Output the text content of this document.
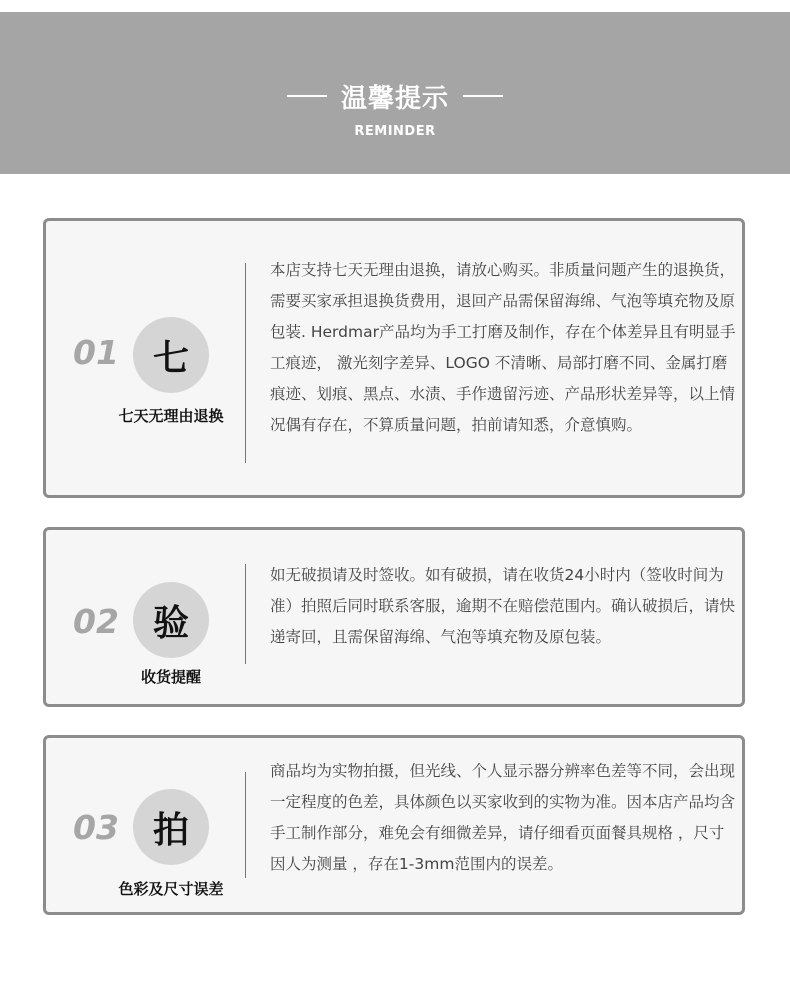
温馨提示
REMINDER
01 七
七天无理由退换

本店支持七天无理由退换，请放心购买。非质量问题产生的退换货，需要买家承担退换货费用，退回产品需保留海绵、气泡等填充物及原包装. Herdmar产品均为手工打磨及制作，存在个体差异且有明显手工痕迹， 激光刻字差异、LOGO 不清晰、局部打磨不同、金属打磨痕迹、划痕、黑点、水渍、手作遗留污迹、产品形状差异等，以上情况偶有存在，不算质量问题，拍前请知悉，介意慎购。

02 验
收货提醒

如无破损请及时签收。如有破损，请在收货24小时内（签收时间为准）拍照后同时联系客服，逾期不在赔偿范围内。确认破损后，请快递寄回，且需保留海绵、气泡等填充物及原包装。

03 拍
色彩及尺寸误差

商品均为实物拍摄，但光线、个人显示器分辨率色差等不同，会出现一定程度的色差，具体颜色以买家收到的实物为准。因本店产品均含手工制作部分，难免会有细微差异，请仔细看页面餐具规格 ，尺寸因人为测量 ，存在1-3mm范围内的误差。
